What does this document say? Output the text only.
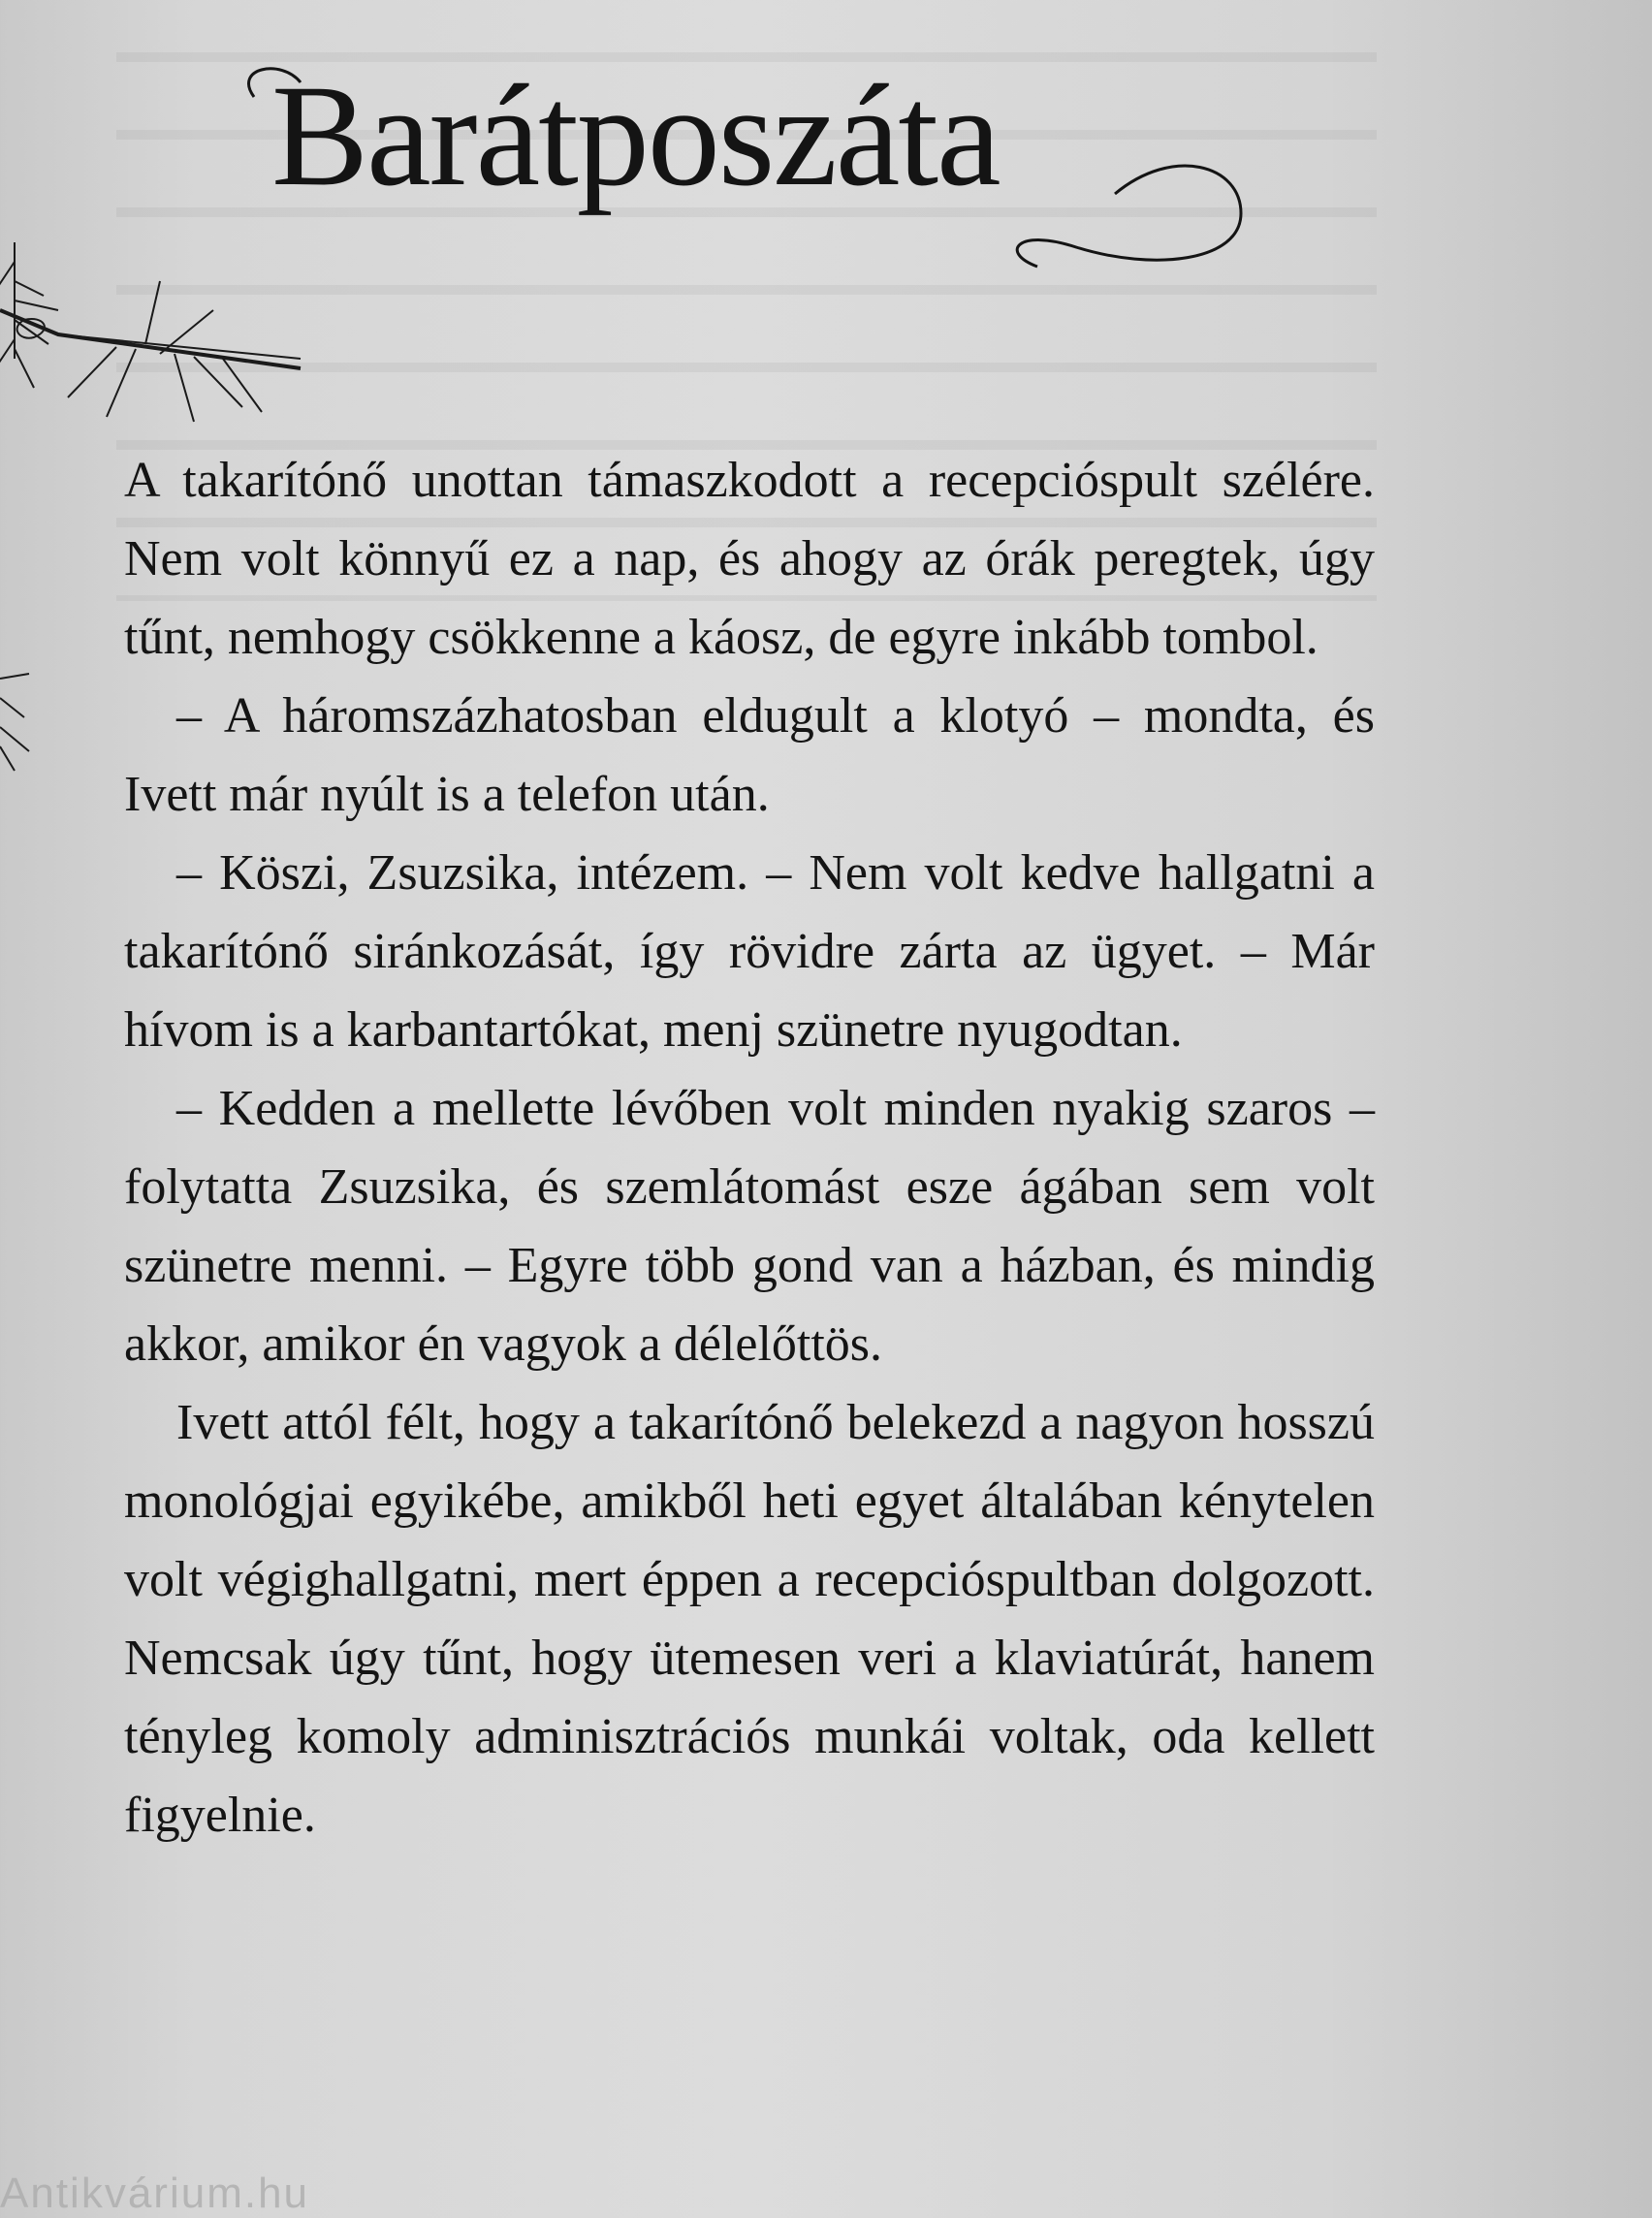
Barátposzáta

A takarítónő unottan támaszkodott a recepcióspult szélére. Nem volt könnyű ez a nap, és ahogy az órák peregtek, úgy tűnt, nemhogy csökkenne a káosz, de egyre inkább tombol.

– A háromszázhatosban eldugult a klotyó – mondta, és Ivett már nyúlt is a telefon után.

– Köszi, Zsuzsika, intézem. – Nem volt kedve hallgatni a takarítónő siránkozását, így rövidre zárta az ügyet. – Már hívom is a karbantartókat, menj szünetre nyugodtan.

– Kedden a mellette lévőben volt minden nyakig szaros – folytatta Zsuzsika, és szemlátomást esze ágában sem volt szünetre menni. – Egyre több gond van a házban, és mindig akkor, amikor én vagyok a délelőttös.

Ivett attól félt, hogy a takarítónő belekezd a nagyon hosszú monológjai egyikébe, amikből heti egyet általában kénytelen volt végighallgatni, mert éppen a recepcióspultban dolgozott. Nemcsak úgy tűnt, hogy ütemesen veri a klaviatúrát, hanem tényleg komoly adminisztrációs munkái voltak, oda kellett figyelnie.

Antikvárium.hu
